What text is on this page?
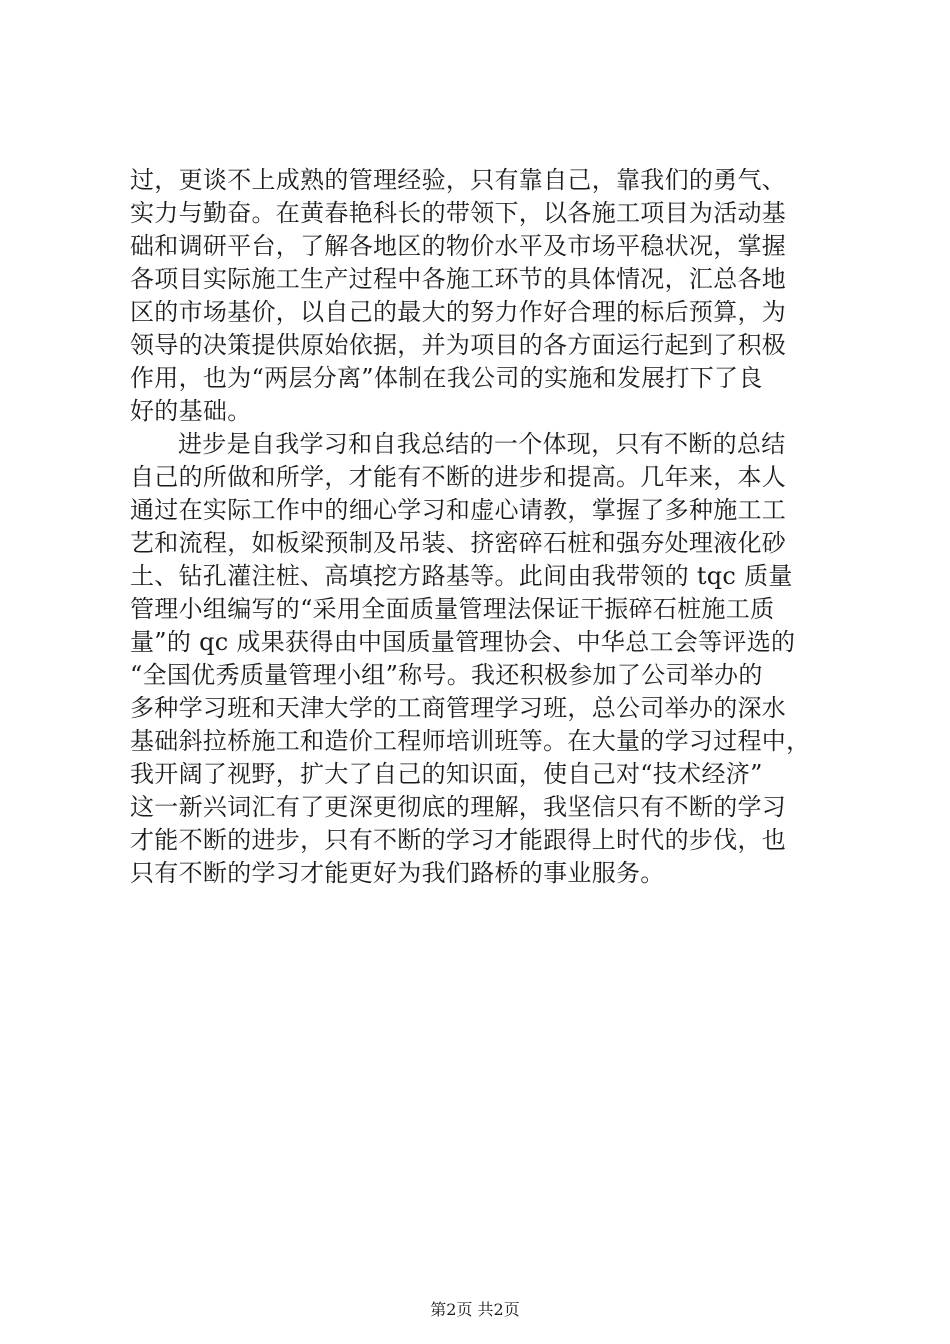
过，更谈不上成熟的管理经验，只有靠自己，靠我们的勇气、
实力与勤奋。在黄春艳科长的带领下，以各施工项目为活动基
础和调研平台，了解各地区的物价水平及市场平稳状况，掌握
各项目实际施工生产过程中各施工环节的具体情况，汇总各地
区的市场基价，以自己的最大的努力作好合理的标后预算，为
领导的决策提供原始依据，并为项目的各方面运行起到了积极
作用，也为“两层分离”体制在我公司的实施和发展打下了良
好的基础。
进步是自我学习和自我总结的一个体现，只有不断的总结
自己的所做和所学，才能有不断的进步和提高。几年来，本人
通过在实际工作中的细心学习和虚心请教，掌握了多种施工工
艺和流程，如板梁预制及吊装、挤密碎石桩和强夯处理液化砂
土、钻孔灌注桩、高填挖方路基等。此间由我带领的 tqc 质量
管理小组编写的“采用全面质量管理法保证干振碎石桩施工质
量”的 qc 成果获得由中国质量管理协会、中华总工会等评选的
“全国优秀质量管理小组”称号。我还积极参加了公司举办的
多种学习班和天津大学的工商管理学习班，总公司举办的深水
基础斜拉桥施工和造价工程师培训班等。在大量的学习过程中，
我开阔了视野，扩大了自己的知识面，使自己对“技术经济”
这一新兴词汇有了更深更彻底的理解，我坚信只有不断的学习
才能不断的进步，只有不断的学习才能跟得上时代的步伐，也
只有不断的学习才能更好为我们路桥的事业服务。
第2页 共2页
